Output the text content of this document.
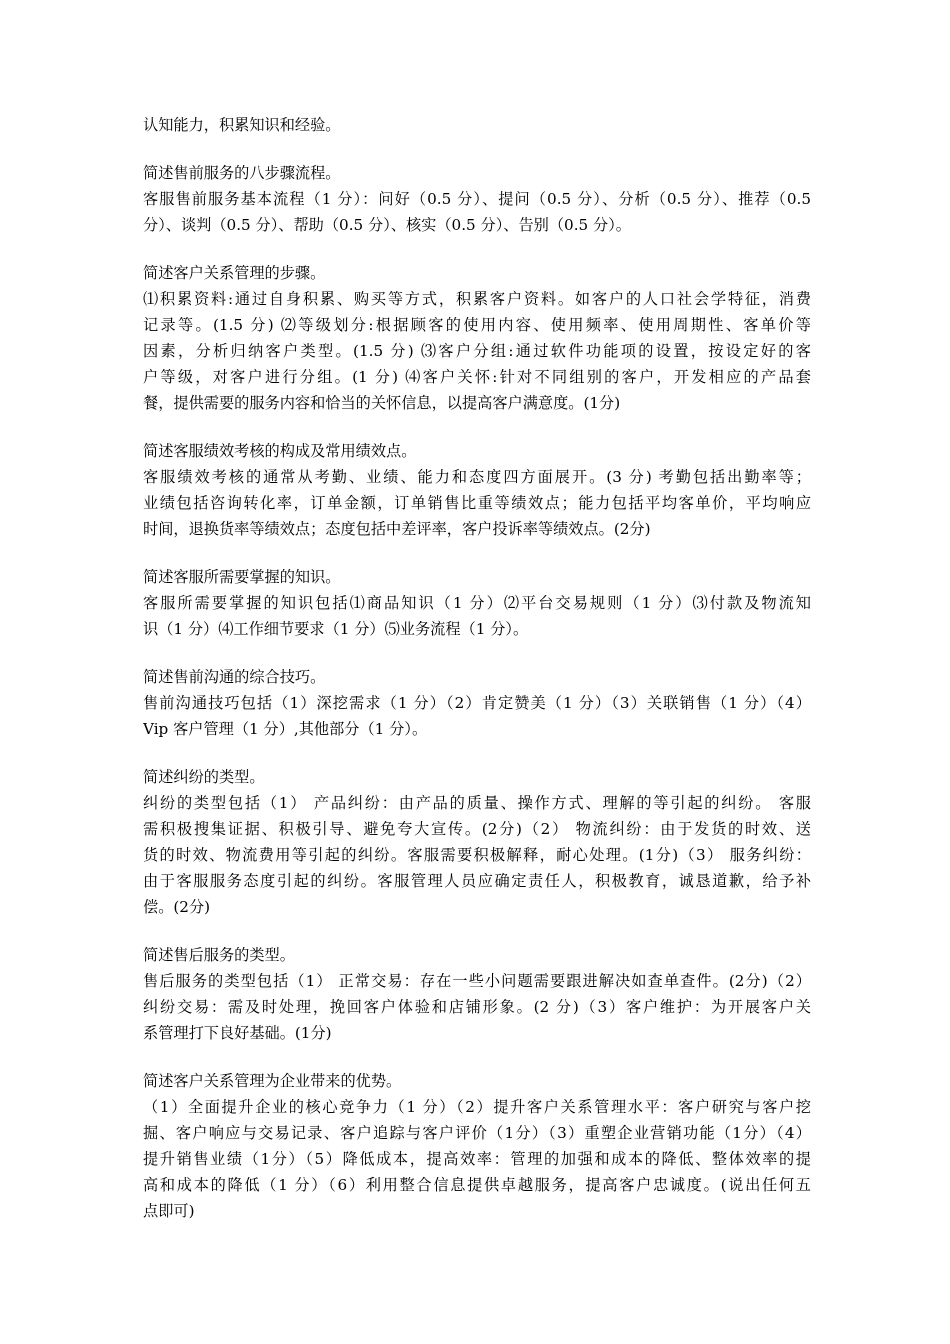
认知能力，积累知识和经验。
简述售前服务的八步骤流程。
客服售前服务基本流程（1 分）：问好（0.5 分）、提问（0.5 分）、分析（0.5 分）、推荐（0.5
分）、谈判（0.5 分）、帮助（0.5 分）、核实（0.5 分）、告别（0.5 分）。
简述客户关系管理的步骤。
⑴积累资料:通过自身积累、购买等方式，积累客户资料。如客户的人口社会学特征，消费
记录等。(1.5 分) ⑵等级划分:根据顾客的使用内容、使用频率、使用周期性、客单价等
因素，分析归纳客户类型。(1.5 分) ⑶客户分组:通过软件功能项的设置，按设定好的客
户等级，对客户进行分组。(1 分) ⑷客户关怀:针对不同组别的客户，开发相应的产品套
餐，提供需要的服务内容和恰当的关怀信息，以提高客户满意度。(1分)
简述客服绩效考核的构成及常用绩效点。
客服绩效考核的通常从考勤、业绩、能力和态度四方面展开。(3 分) 考勤包括出勤率等；
业绩包括咨询转化率，订单金额，订单销售比重等绩效点；能力包括平均客单价，平均响应
时间，退换货率等绩效点；态度包括中差评率，客户投诉率等绩效点。(2分)
简述客服所需要掌握的知识。
客服所需要掌握的知识包括⑴商品知识（1 分）⑵平台交易规则（1 分）⑶付款及物流知
识（1 分）⑷工作细节要求（1 分）⑸业务流程（1 分）。
简述售前沟通的综合技巧。
售前沟通技巧包括（1）深挖需求（1 分）（2）肯定赞美（1 分）（3）关联销售（1 分）（4）
Vip 客户管理（1 分）,其他部分（1 分）。
简述纠纷的类型。
纠纷的类型包括（1） 产品纠纷：由产品的质量、操作方式、理解的等引起的纠纷。 客服
需积极搜集证据、积极引导、避免夸大宣传。(2分)（2） 物流纠纷：由于发货的时效、送
货的时效、物流费用等引起的纠纷。客服需要积极解释，耐心处理。(1分)（3） 服务纠纷：
由于客服服务态度引起的纠纷。客服管理人员应确定责任人，积极教育，诚恳道歉，给予补
偿。(2分)
简述售后服务的类型。
售后服务的类型包括（1） 正常交易：存在一些小问题需要跟进解决如查单查件。(2分)（2）
纠纷交易：需及时处理，挽回客户体验和店铺形象。(2 分)（3）客户维护：为开展客户关
系管理打下良好基础。(1分)
简述客户关系管理为企业带来的优势。
（1）全面提升企业的核心竞争力（1 分）（2）提升客户关系管理水平：客户研究与客户挖
掘、客户响应与交易记录、客户追踪与客户评价（1分）（3）重塑企业营销功能（1分）（4）
提升销售业绩（1分）（5）降低成本，提高效率：管理的加强和成本的降低、整体效率的提
高和成本的降低（1 分）（6）利用整合信息提供卓越服务，提高客户忠诚度。(说出任何五
点即可)
